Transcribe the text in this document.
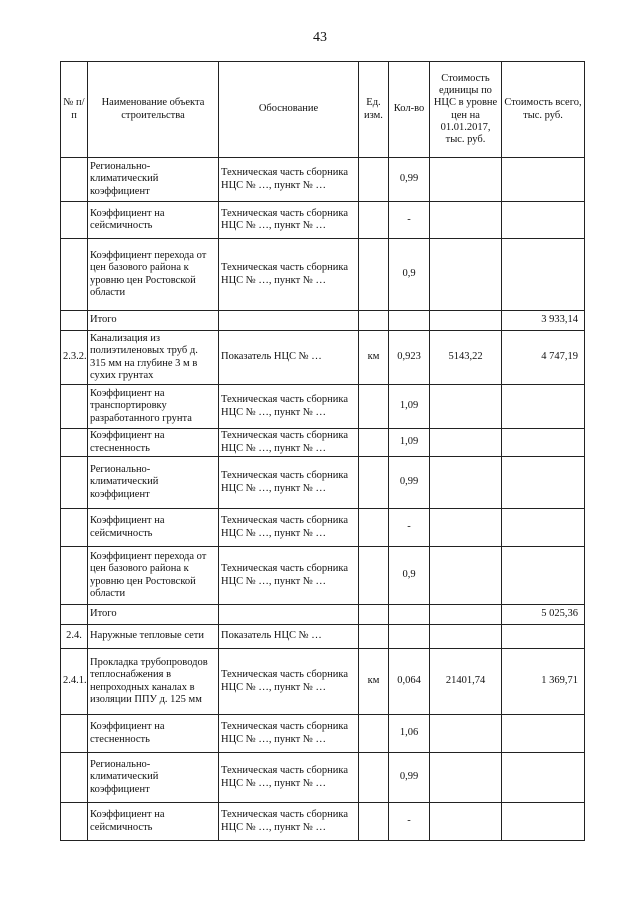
43
№ п/п	Наименование объекта строительства	Обоснование	Ед. изм.	Кол-во	Стоимость единицы по НЦС в уровне цен на 01.01.2017, тыс. руб.	Стоимость всего, тыс. руб.
	Регионально-климатический коэффициент	Техническая часть сборника НЦС № …, пункт № …		0,99		
	Коэффициент на сейсмичность	Техническая часть сборника НЦС № …, пункт № …		-		
	Коэффициент перехода от цен базового района к уровню цен Ростовской области	Техническая часть сборника НЦС № …, пункт № …		0,9		
	Итого					3 933,14
2.3.2.	Канализация из полиэтиленовых труб д. 315 мм на глубине 3 м в сухих грунтах	Показатель НЦС № …	км	0,923	5143,22	4 747,19
	Коэффициент на транспортировку разработанного грунта	Техническая часть сборника НЦС № …, пункт № …		1,09		
	Коэффициент на стесненность	Техническая часть сборника НЦС № …, пункт № …		1,09		
	Регионально-климатический коэффициент	Техническая часть сборника НЦС № …, пункт № …		0,99		
	Коэффициент на сейсмичность	Техническая часть сборника НЦС № …, пункт № …		-		
	Коэффициент перехода от цен базового района к уровню цен Ростовской области	Техническая часть сборника НЦС № …, пункт № …		0,9		
	Итого					5 025,36
2.4.	Наружные тепловые сети	Показатель НЦС № …				
2.4.1.	Прокладка трубопроводов теплоснабжения в непроходных каналах в изоляции ППУ д. 125 мм	Техническая часть сборника НЦС № …, пункт № …	км	0,064	21401,74	1 369,71
	Коэффициент на стесненность	Техническая часть сборника НЦС № …, пункт № …		1,06		
	Регионально-климатический коэффициент	Техническая часть сборника НЦС № …, пункт № …		0,99		
	Коэффициент на сейсмичность	Техническая часть сборника НЦС № …, пункт № …		-		
